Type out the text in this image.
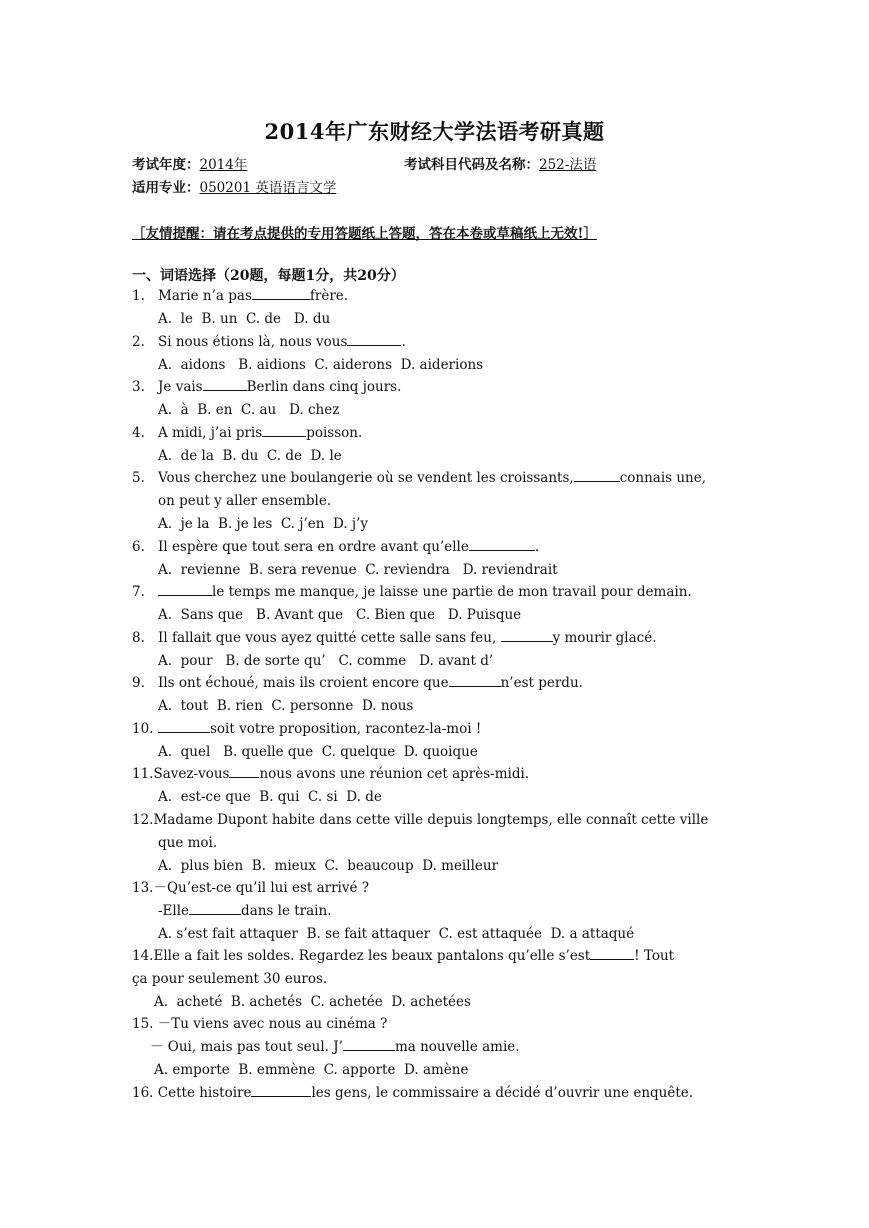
2014年广东财经大学法语考研真题
考试年度：2014年	考试科目代码及名称：252-法语
适用专业：050201 英语语言文学
［友情提醒：请在考点提供的专用答题纸上答题，答在本卷或草稿纸上无效!］
一、词语选择（20题，每题1分，共20分）
1. Marie n’a pas	frère.
A.  le  B. un  C. de   D. du
2. Si nous étions là, nous vous	.
A.  aidons   B. aidions  C. aiderons  D. aiderions
3. Je vais	Berlin dans cinq jours.
A.  à  B. en  C. au   D. chez
4. A midi, j’ai pris	poisson.
A.  de la  B. du  C. de  D. le
5. Vous cherchez une boulangerie où se vendent les croissants,	connais une,
on peut y aller ensemble.
A.  je la  B. je les  C. j’en  D. j’y
6. Il espère que tout sera en ordre avant qu’elle	.
A.  revienne  B. sera revenue  C. reviendra   D. reviendrait
7.	le temps me manque, je laisse une partie de mon travail pour demain.
A.  Sans que   B. Avant que   C. Bien que   D. Puisque
8. Il fallait que vous ayez quitté cette salle sans feu,	y mourir glacé.
A.  pour   B. de sorte qu’   C. comme   D. avant d’
9. Ils ont échoué, mais ils croient encore que	n’est perdu.
A.  tout  B. rien  C. personne  D. nous
10.	soit votre proposition, racontez-la-moi !
A.  quel   B. quelle que  C. quelque  D. quoique
11.Savez-vous nous avons une réunion cet après-midi.
A.  est-ce que  B. qui  C. si  D. de
12.Madame Dupont habite dans cette ville depuis longtemps, elle connaît cette ville
que moi.
A.  plus bien  B.  mieux  C.  beaucoup  D. meilleur
13.－Qu’est-ce qu’il lui est arrivé ?
-Elle	dans le train.
A. s’est fait attaquer  B. se fait attaquer  C. est attaquée  D. a attaqué
14.Elle a fait les soldes. Regardez les beaux pantalons qu’elle s’est	! Tout
ça pour seulement 30 euros.
A.  acheté  B. achetés  C. achetée  D. achetées
15. －Tu viens avec nous au cinéma ?
－ Oui, mais pas tout seul. J’	ma nouvelle amie.
A. emporte  B. emmène  C. apporte  D. amène
16. Cette histoire	les gens, le commissaire a décidé d’ouvrir une enquête.
